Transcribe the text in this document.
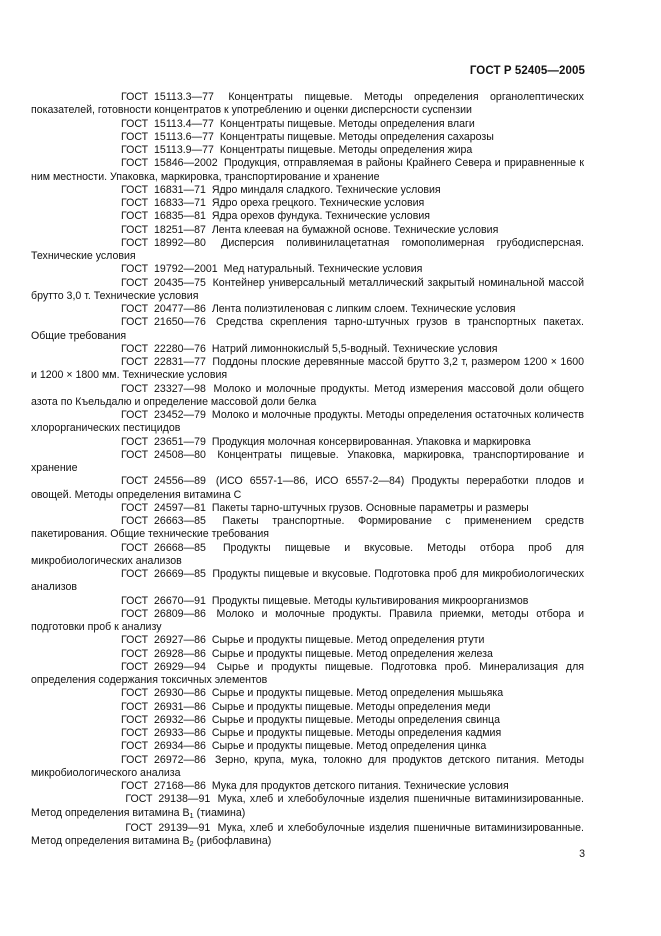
ГОСТ Р 52405—2005
ГОСТ  15113.3—77 Концентраты пищевые. Методы определения органолептических показателей, готовности концентратов к употреблению и оценки дисперсности суспензии
ГОСТ  15113.4—77 Концентраты пищевые. Методы определения влаги
ГОСТ  15113.6—77 Концентраты пищевые. Методы определения сахарозы
ГОСТ  15113.9—77 Концентраты пищевые. Методы определения жира
ГОСТ  15846—2002 Продукция, отправляемая в районы Крайнего Севера и приравненные к ним местности. Упаковка, маркировка, транспортирование и хранение
ГОСТ  16831—71 Ядро миндаля сладкого. Технические условия
ГОСТ  16833—71 Ядро ореха грецкого. Технические условия
ГОСТ  16835—81 Ядра орехов фундука. Технические условия
ГОСТ  18251—87 Лента клеевая на бумажной основе. Технические условия
ГОСТ  18992—80 Дисперсия поливинилацетатная гомополимерная грубодисперсная. Технические условия
ГОСТ  19792—2001 Мед натуральный. Технические условия
ГОСТ  20435—75 Контейнер универсальный металлический закрытый номинальной массой брутто 3,0 т. Технические условия
ГОСТ  20477—86 Лента полиэтиленовая с липким слоем. Технические условия
ГОСТ  21650—76 Средства скрепления тарно-штучных грузов в транспортных пакетах. Общие требования
ГОСТ  22280—76 Натрий лимоннокислый 5,5-водный. Технические условия
ГОСТ  22831—77 Поддоны плоские деревянные массой брутто 3,2 т, размером 1200 × 1600 и 1200 × 1800 мм. Технические условия
ГОСТ  23327—98 Молоко и молочные продукты. Метод измерения массовой доли общего азота по Къельдалю и определение массовой доли белка
ГОСТ  23452—79 Молоко и молочные продукты. Методы определения остаточных количеств хлорорганических пестицидов
ГОСТ  23651—79 Продукция молочная консервированная. Упаковка и маркировка
ГОСТ  24508—80 Концентраты пищевые. Упаковка, маркировка, транспортирование и хранение
ГОСТ  24556—89 (ИСО 6557-1—86, ИСО 6557-2—84) Продукты переработки плодов и овощей. Методы определения витамина С
ГОСТ  24597—81 Пакеты тарно-штучных грузов. Основные параметры и размеры
ГОСТ  26663—85 Пакеты транспортные. Формирование с применением средств пакетирования. Общие технические требования
ГОСТ  26668—85 Продукты пищевые и вкусовые. Методы отбора проб для микробиологических анализов
ГОСТ  26669—85 Продукты пищевые и вкусовые. Подготовка проб для микробиологических анализов
ГОСТ  26670—91 Продукты пищевые. Методы культивирования микроорганизмов
ГОСТ  26809—86 Молоко и молочные продукты. Правила приемки, методы отбора и подготовки проб к анализу
ГОСТ  26927—86 Сырье и продукты пищевые. Метод определения ртути
ГОСТ  26928—86 Сырье и продукты пищевые. Метод определения железа
ГОСТ  26929—94 Сырье и продукты пищевые. Подготовка проб. Минерализация для определения содержания токсичных элементов
ГОСТ  26930—86 Сырье и продукты пищевые. Метод определения мышьяка
ГОСТ  26931—86 Сырье и продукты пищевые. Методы определения меди
ГОСТ  26932—86 Сырье и продукты пищевые. Методы определения свинца
ГОСТ  26933—86 Сырье и продукты пищевые. Методы определения кадмия
ГОСТ  26934—86 Сырье и продукты пищевые. Метод определения цинка
ГОСТ  26972—86 Зерно, крупа, мука, толокно для продуктов детского питания. Методы микробиологического анализа
ГОСТ  27168—86 Мука для продуктов детского питания. Технические условия
ГОСТ  29138—91 Мука, хлеб и хлебобулочные изделия пшеничные витаминизированные. Метод определения витамина $B_1$ (тиамина)
ГОСТ  29139—91 Мука, хлеб и хлебобулочные изделия пшеничные витаминизированные. Метод определения витамина $B_2$ (рибофлавина)
3
